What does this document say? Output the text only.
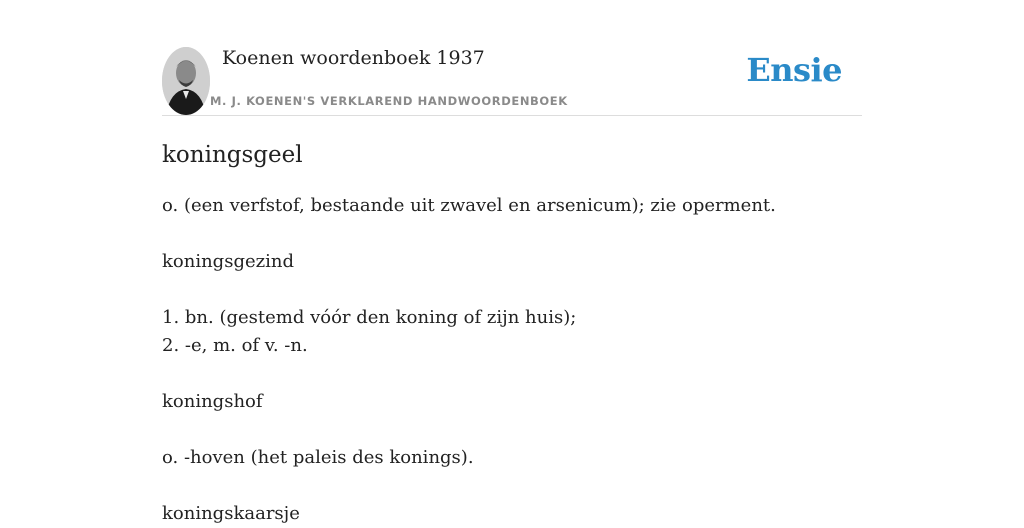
Koenen woordenboek 1937
M. J. KOENEN'S VERKLAREND HANDWOORDENBOEK
Ensie
koningsgeel
o. (een verfstof, bestaande uit zwavel en arsenicum); zie operment.
koningsgezind
1. bn. (gestemd vóór den koning of zijn huis);
2. -e, m. of v. -n.
koningshof
o. -hoven (het paleis des konings).
koningskaarsje
